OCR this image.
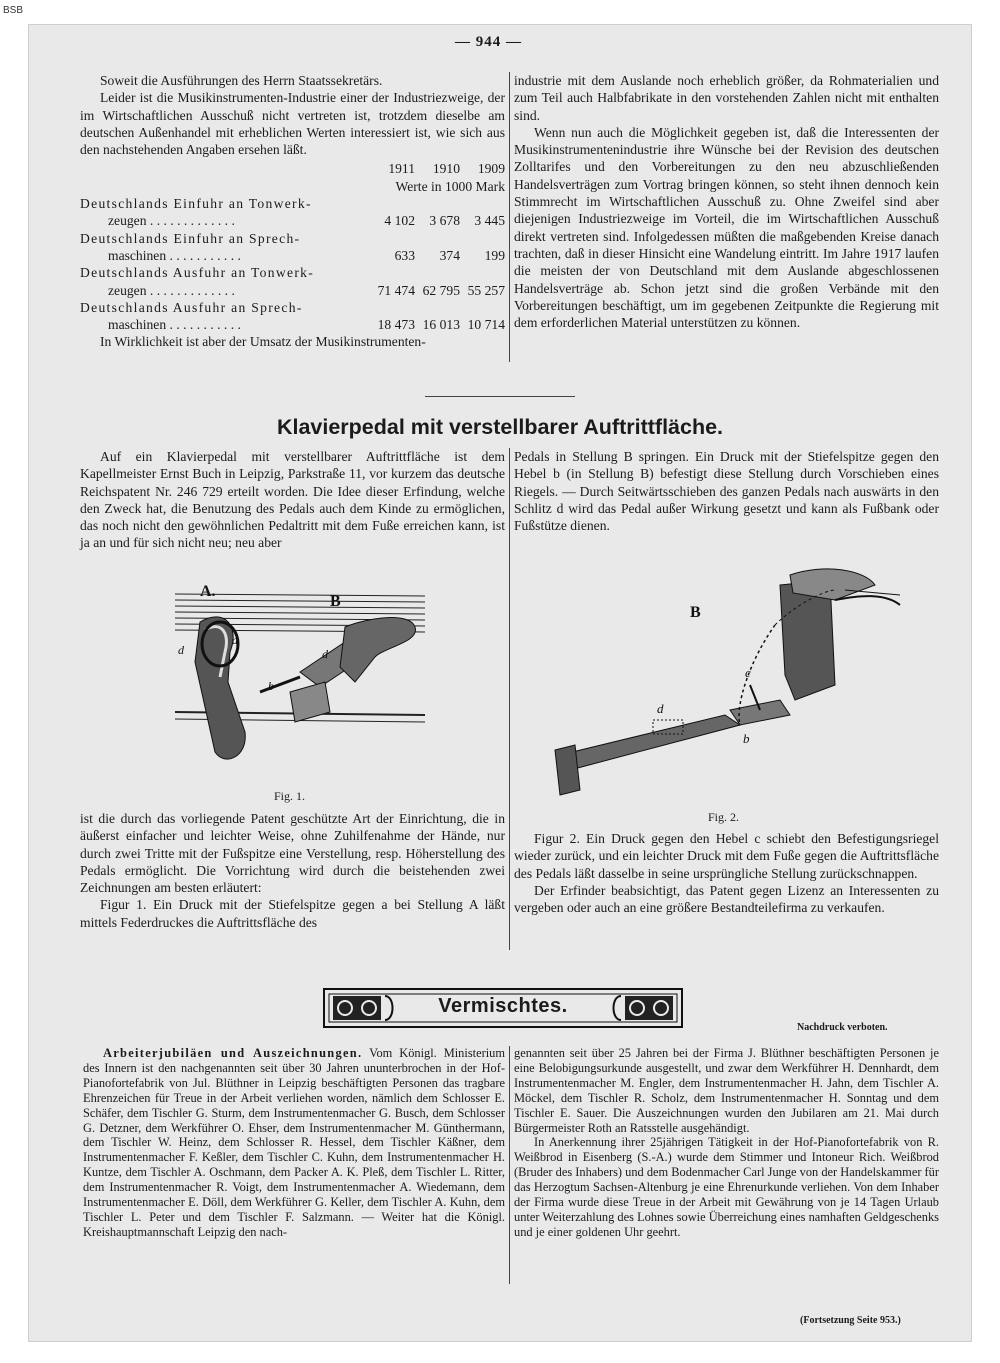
BSB
— 944 —

Soweit die Ausführungen des Herrn Staatssekretärs.

Leider ist die Musikinstrumenten-Industrie einer der Industriezweige, der im Wirtschaftlichen Ausschuß nicht vertreten ist, trotzdem dieselbe am deutschen Außenhandel mit erheblichen Werten interessiert ist, wie sich aus den nachstehenden Angaben ersehen läßt.

	1911	1910	1909
	Werte in 1000 Mark		
Deutschlands Einfuhr an Tonwerk-			
zeugen . . . . . . . . . . . . .	4 102	3 678	3 445
Deutschlands Einfuhr an Sprech-			
maschinen . . . . . . . . . . .	633	374	199
Deutschlands Ausfuhr an Tonwerk-			
zeugen . . . . . . . . . . . . .	71 474	62 795	55 257
Deutschlands Ausfuhr an Sprech-			
maschinen . . . . . . . . . . .	18 473	16 013	10 714

In Wirklichkeit ist aber der Umsatz der Musikinstrumenten-

industrie mit dem Auslande noch erheblich größer, da Rohmaterialien und zum Teil auch Halbfabrikate in den vorstehenden Zahlen nicht mit enthalten sind.

Wenn nun auch die Möglichkeit gegeben ist, daß die Interessenten der Musikinstrumentenindustrie ihre Wünsche bei der Revision des deutschen Zolltarifes und den Vorbereitungen zu den neu abzuschließenden Handelsverträgen zum Vortrag bringen können, so steht ihnen dennoch kein Stimmrecht im Wirtschaftlichen Ausschuß zu. Ohne Zweifel sind aber diejenigen Industriezweige im Vorteil, die im Wirtschaftlichen Ausschuß direkt vertreten sind. Infolgedessen müßten die maßgebenden Kreise danach trachten, daß in dieser Hinsicht eine Wandelung eintritt. Im Jahre 1917 laufen die meisten der von Deutschland mit dem Auslande abgeschlossenen Handelsverträge ab. Schon jetzt sind die großen Verbände mit den Vorbereitungen beschäftigt, um im gegebenen Zeitpunkte die Regierung mit dem erforderlichen Material unterstützen zu können.

Klavierpedal mit verstellbarer Auftrittfläche.

Auf ein Klavierpedal mit verstellbarer Auftrittfläche ist dem Kapellmeister Ernst Buch in Leipzig, Parkstraße 11, vor kurzem das deutsche Reichspatent Nr. 246 729 erteilt worden. Die Idee dieser Erfindung, welche den Zweck hat, die Benutzung des Pedals auch dem Kinde zu ermöglichen, das noch nicht den gewöhnlichen Pedaltritt mit dem Fuße erreichen kann, ist ja an und für sich nicht neu; neu aber

A.
B
a
d
b
d
Fig. 1.

ist die durch das vorliegende Patent geschützte Art der Einrichtung, die in äußerst einfacher und leichter Weise, ohne Zuhilfenahme der Hände, nur durch zwei Tritte mit der Fußspitze eine Verstellung, resp. Höherstellung des Pedals ermöglicht. Die Vorrichtung wird durch die beistehenden zwei Zeichnungen am besten erläutert:

Figur 1. Ein Druck mit der Stiefelspitze gegen a bei Stellung A läßt mittels Federdruckes die Auftrittsfläche des

Pedals in Stellung B springen. Ein Druck mit der Stiefelspitze gegen den Hebel b (in Stellung B) befestigt diese Stellung durch Vorschieben eines Riegels. — Durch Seitwärtsschieben des ganzen Pedals nach auswärts in den Schlitz d wird das Pedal außer Wirkung gesetzt und kann als Fußbank oder Fußstütze dienen.

B
c
d
b
Fig. 2.

Figur 2. Ein Druck gegen den Hebel c schiebt den Befestigungsriegel wieder zurück, und ein leichter Druck mit dem Fuße gegen die Auftrittsfläche des Pedals läßt dasselbe in seine ursprüngliche Stellung zurückschnappen.

Der Erfinder beabsichtigt, das Patent gegen Lizenz an Interessenten zu vergeben oder auch an eine größere Bestandteilefirma zu verkaufen.

Vermischtes.
Nachdruck verboten.

Arbeiterjubiläen und Auszeichnungen. Vom Königl. Ministerium des Innern ist den nachgenannten seit über 30 Jahren ununterbrochen in der Hof-Pianofortefabrik von Jul. Blüthner in Leipzig beschäftigten Personen das tragbare Ehrenzeichen für Treue in der Arbeit verliehen worden, nämlich dem Schlosser E. Schäfer, dem Tischler G. Sturm, dem Instrumentenmacher G. Busch, dem Schlosser G. Detzner, dem Werkführer O. Ehser, dem Instrumentenmacher M. Günthermann, dem Tischler W. Heinz, dem Schlosser R. Hessel, dem Tischler Käßner, dem Instrumentenmacher F. Keßler, dem Tischler C. Kuhn, dem Instrumentenmacher H. Kuntze, dem Tischler A. Oschmann, dem Packer A. K. Pleß, dem Tischler L. Ritter, dem Instrumentenmacher R. Voigt, dem Instrumentenmacher A. Wiedemann, dem Instrumentenmacher E. Döll, dem Werkführer G. Keller, dem Tischler A. Kuhn, dem Tischler L. Peter und dem Tischler F. Salzmann. — Weiter hat die Königl. Kreishauptmannschaft Leipzig den nach-

genannten seit über 25 Jahren bei der Firma J. Blüthner beschäftigten Personen je eine Belobigungsurkunde ausgestellt, und zwar dem Werkführer H. Dennhardt, dem Instrumentenmacher M. Engler, dem Instrumentenmacher H. Jahn, dem Tischler A. Möckel, dem Tischler R. Scholz, dem Instrumentenmacher H. Sonntag und dem Tischler E. Sauer. Die Auszeichnungen wurden den Jubilaren am 21. Mai durch Bürgermeister Roth an Ratsstelle ausgehändigt.

In Anerkennung ihrer 25jährigen Tätigkeit in der Hof-Pianofortefabrik von R. Weißbrod in Eisenberg (S.-A.) wurde dem Stimmer und Intoneur Rich. Weißbrod (Bruder des Inhabers) und dem Bodenmacher Carl Junge von der Handelskammer für das Herzogtum Sachsen-Altenburg je eine Ehrenurkunde verliehen. Von dem Inhaber der Firma wurde diese Treue in der Arbeit mit Gewährung von je 14 Tagen Urlaub unter Weiterzahlung des Lohnes sowie Überreichung eines namhaften Geldgeschenks und je einer goldenen Uhr geehrt.

(Fortsetzung Seite 953.)
